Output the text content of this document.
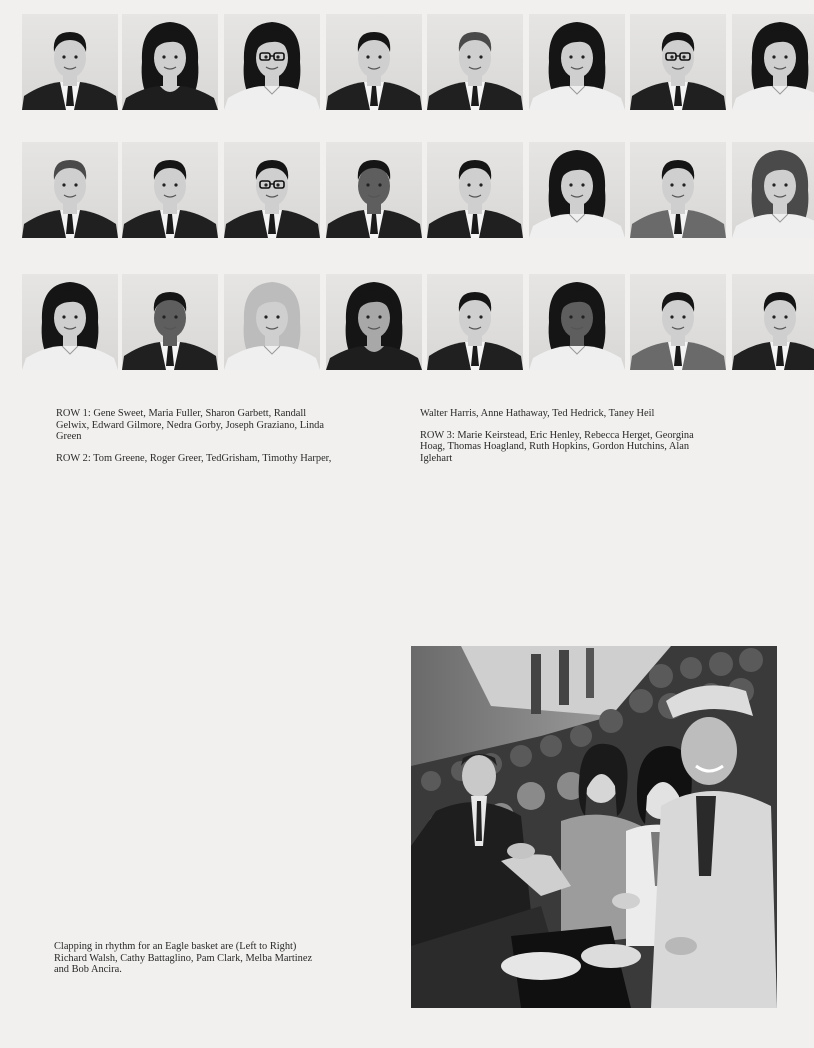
ROW 1: Gene Sweet, Maria Fuller, Sharon Garbett, Randall
Gelwix, Edward Gilmore, Nedra Gorby, Joseph Graziano, Linda
Green
ROW 2: Tom Greene, Roger Greer, TedGrisham, Timothy Harper,
Walter Harris, Anne Hathaway, Ted Hedrick, Taney Heil
ROW 3: Marie Keirstead, Eric Henley, Rebecca Herget, Georgina
Hoag, Thomas Hoagland, Ruth Hopkins, Gordon Hutchins, Alan
Iglehart
Clapping in rhythm for an Eagle basket are (Left to Right)
Richard Walsh, Cathy Battaglino, Pam Clark, Melba Martinez
and Bob Ancira.
